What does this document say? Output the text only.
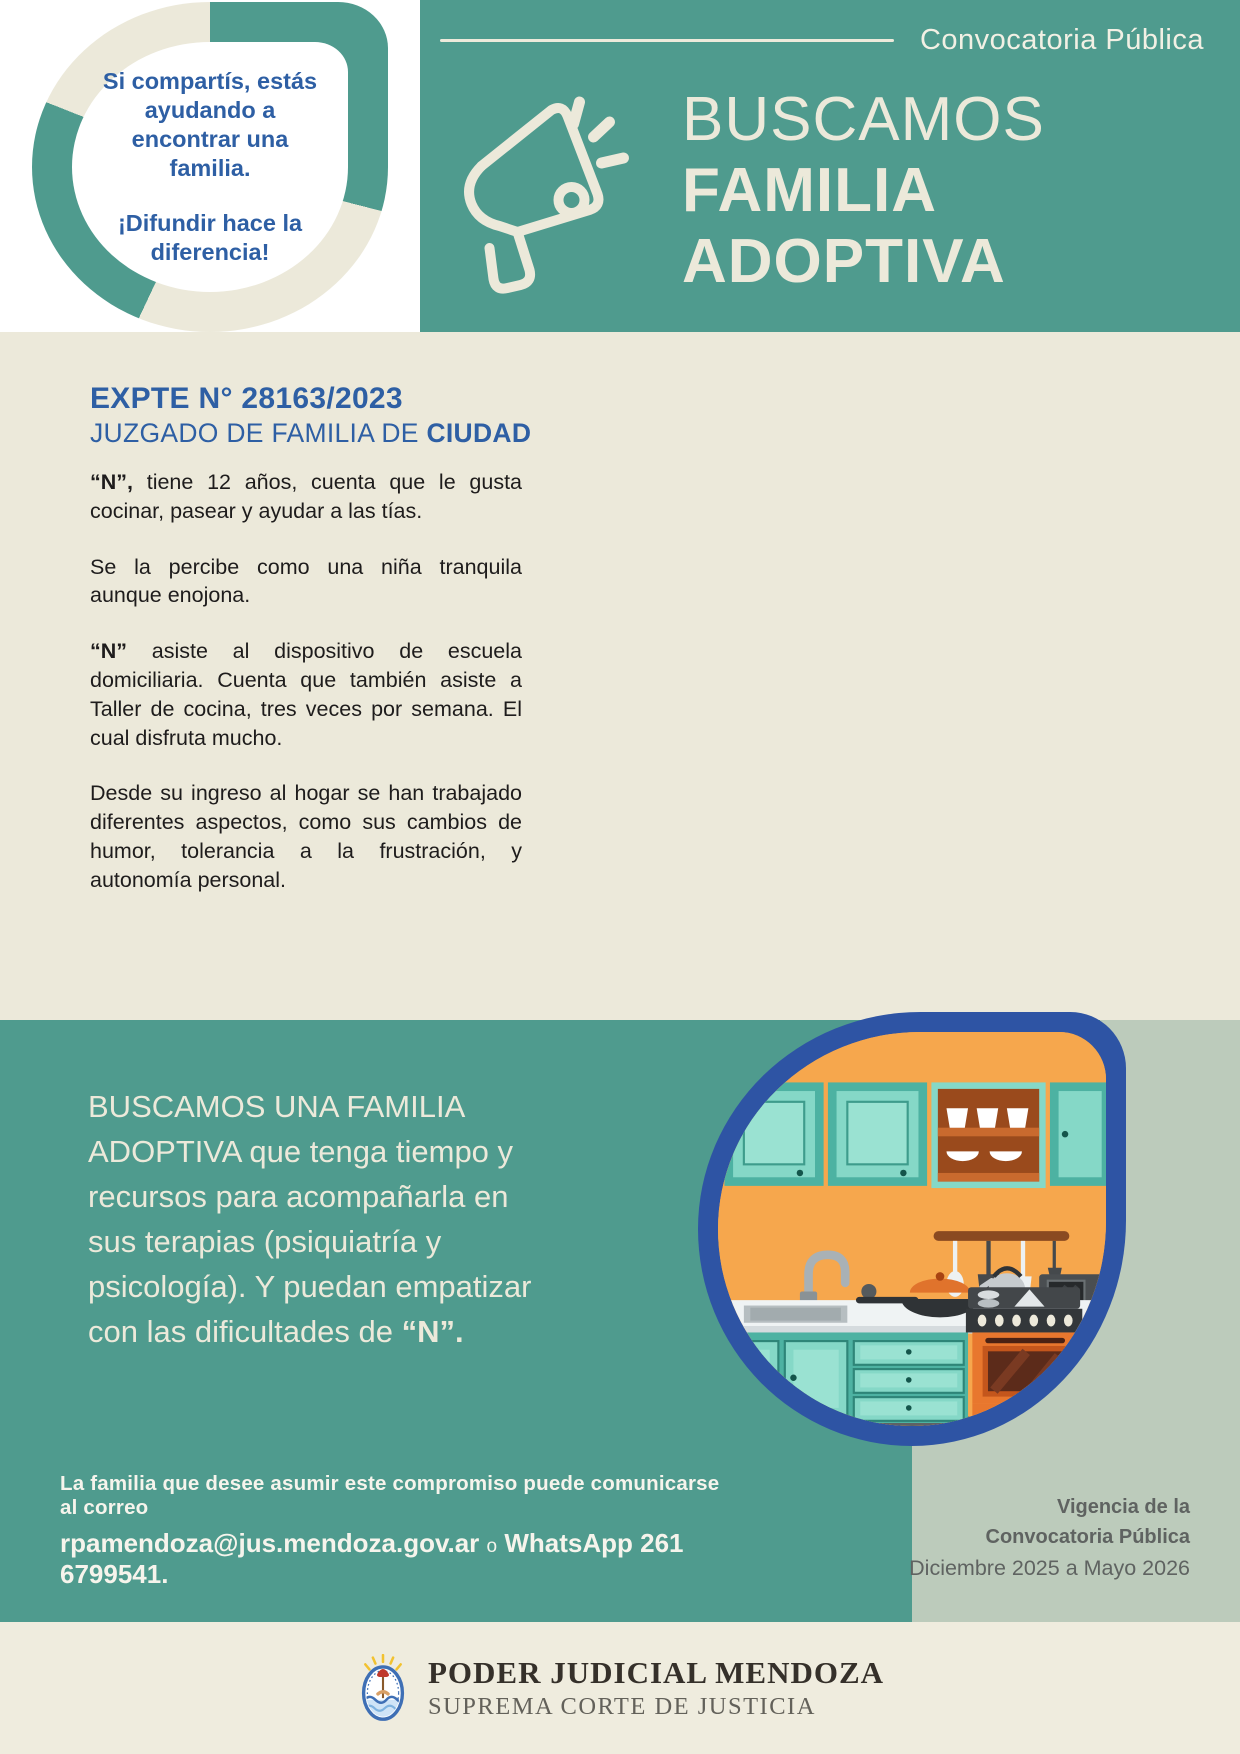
Convocatoria Pública
BUSCAMOS
FAMILIA
ADOPTIVA

Si compartís, estás ayudando a encontrar una familia.

¡Difundir hace la diferencia!

EXPTE N° 28163/2023
JUZGADO DE FAMILIA DE CIUDAD

“N”, tiene 12 años, cuenta que le gusta cocinar, pasear y ayudar a las tías.

Se la percibe como una niña tranquila aunque enojona.

“N” asiste al dispositivo de escuela domiciliaria. Cuenta que también asiste a Taller de cocina, tres veces por semana. El cual disfruta mucho.

Desde su ingreso al hogar se han trabajado diferentes aspectos, como sus cambios de humor, tolerancia a la frustración, y autonomía personal.

BUSCAMOS UNA FAMILIA
ADOPTIVA que tenga tiempo y
recursos para acompañarla en
sus terapias (psiquiatría y
psicología). Y puedan empatizar
con las dificultades de “N”.

La familia que desee asumir este compromiso puede comunicarse al correo

rpamendoza@jus.mendoza.gov.ar o WhatsApp 261 6799541.

Vigencia de la

Convocatoria Pública

Diciembre 2025 a Mayo 2026

PODER JUDICIAL MENDOZA

SUPREMA CORTE DE JUSTICIA
